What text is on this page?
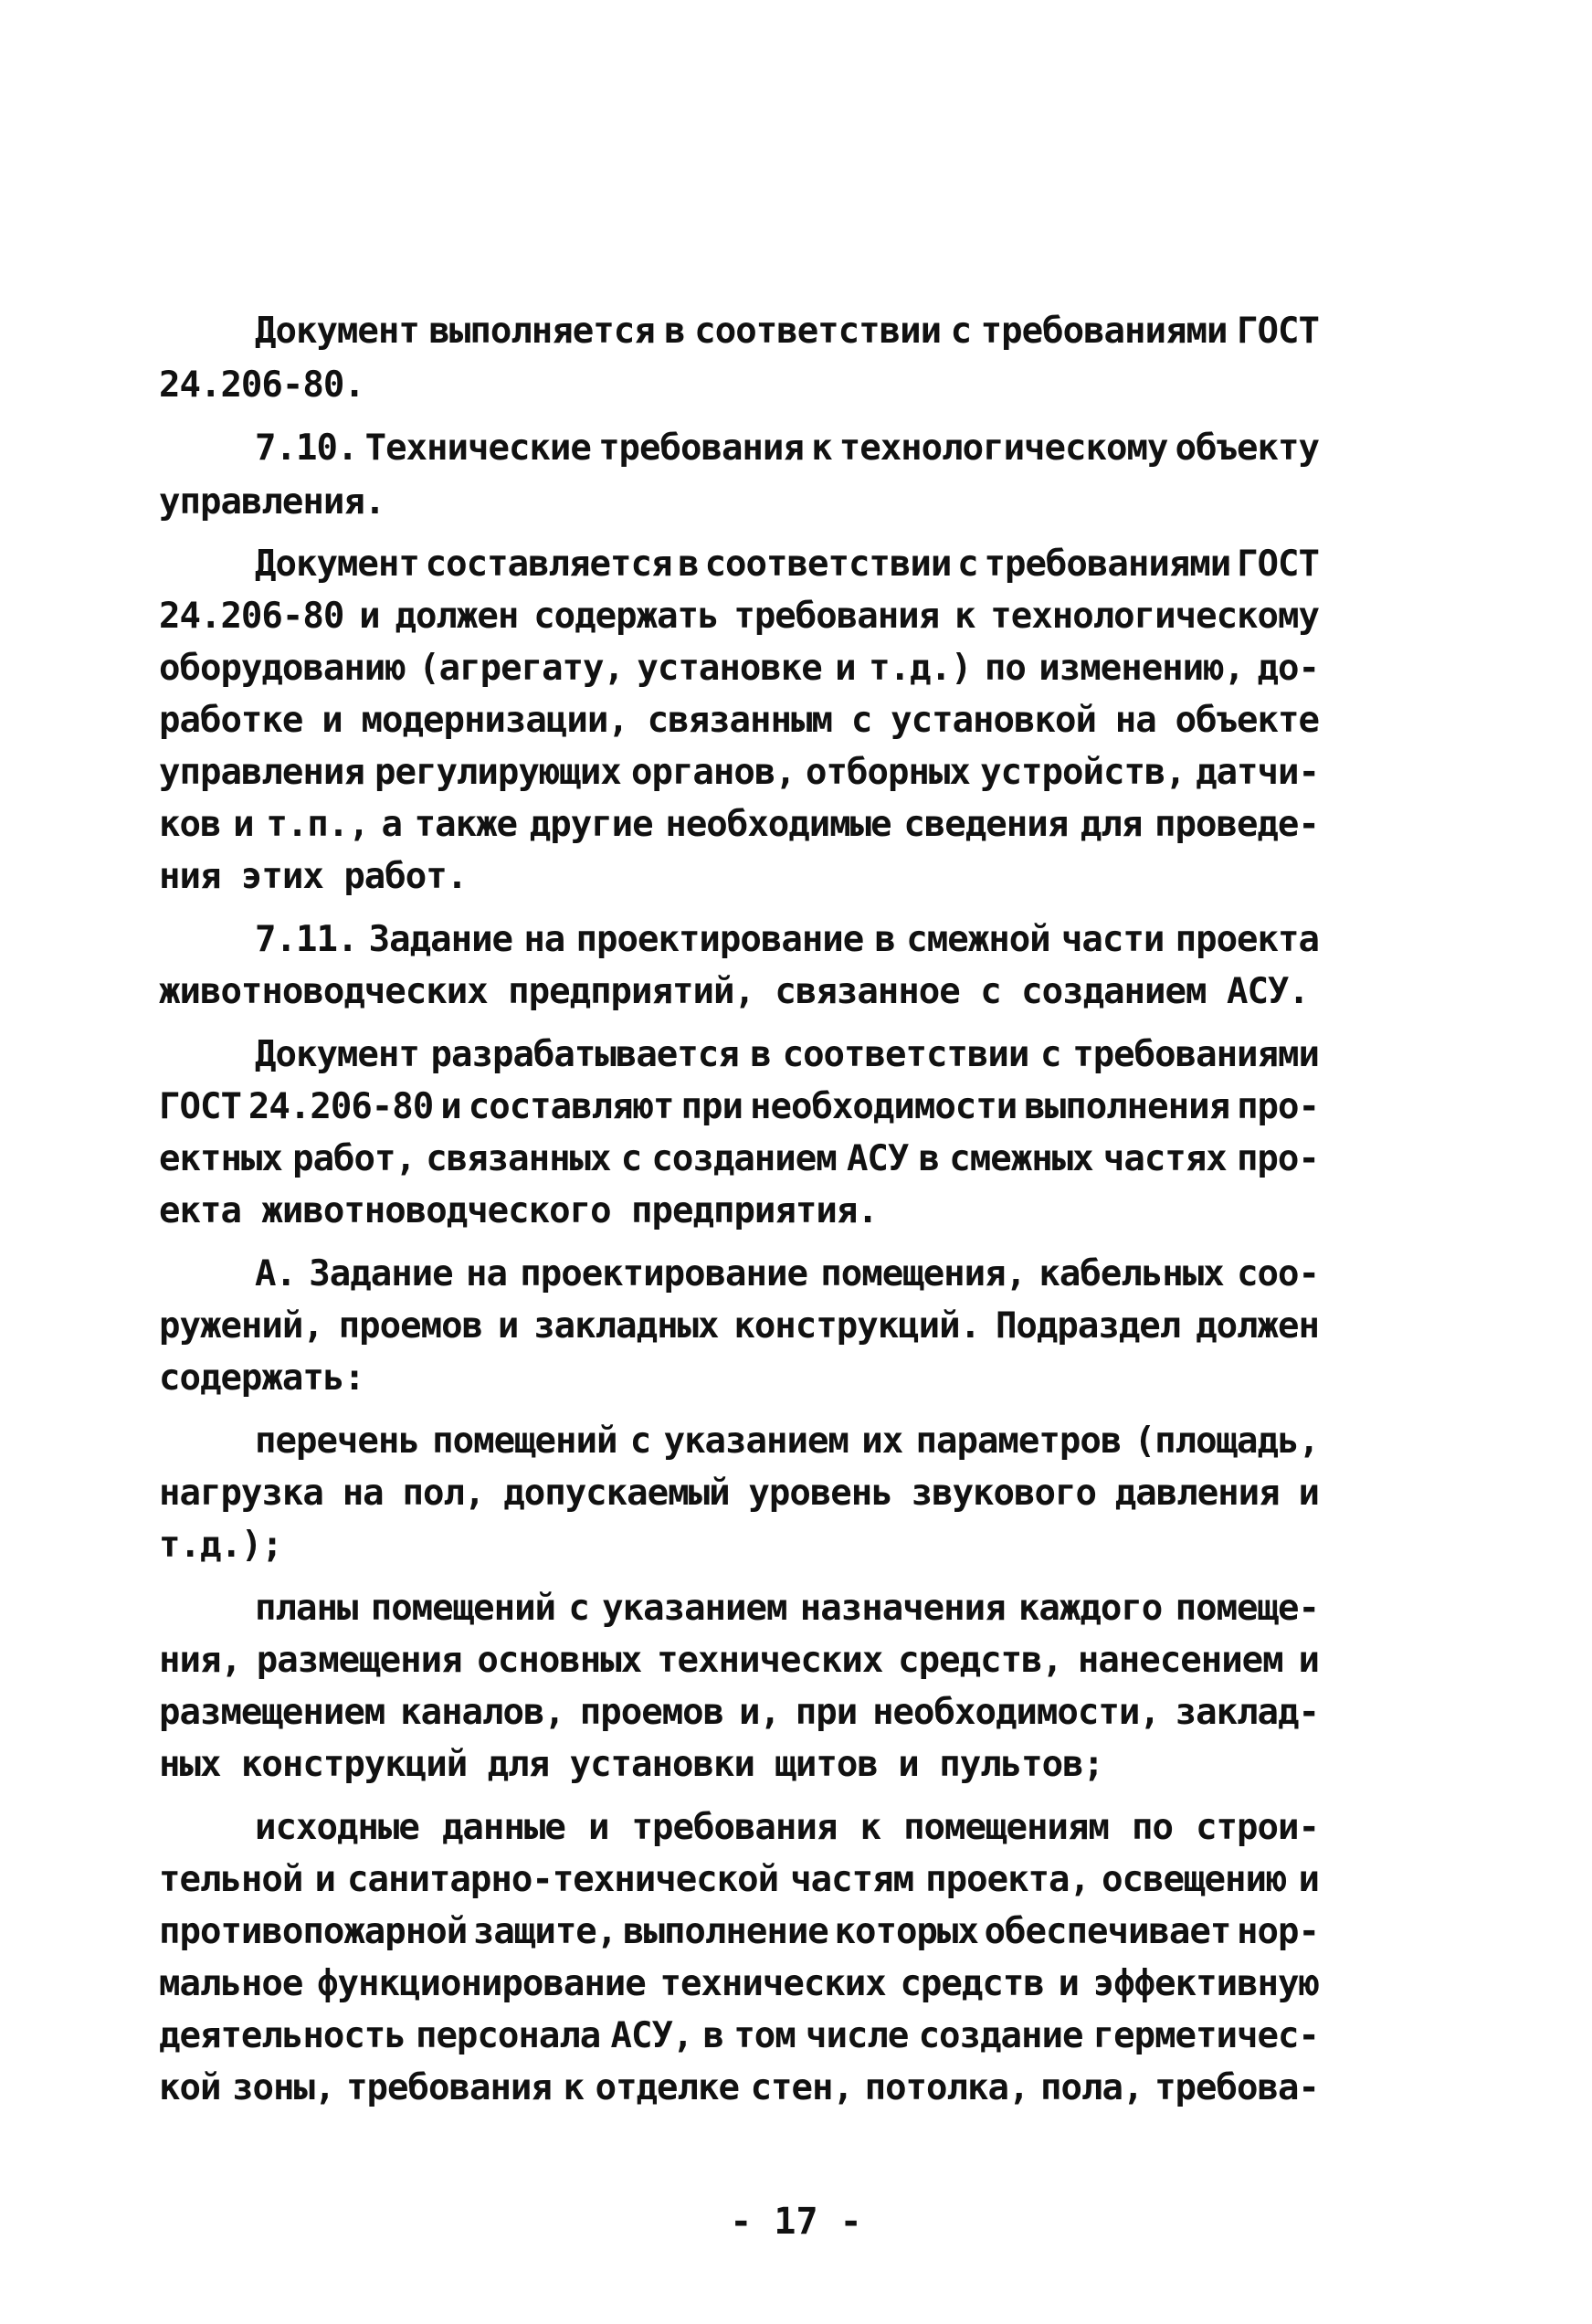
Документ выполняется в соответствии с требованиями ГОСТ
24.206-80.
7.10. Технические требования к технологическому объекту
управления.
Документ составляется в соответствии с требованиями ГОСТ
24.206-80 и должен содержать требования к технологическому
оборудованию (агрегату, установке и т.д.) по изменению, до-
работке и модернизации, связанным с установкой на объекте
управления регулирующих органов, отборных устройств, датчи-
ков и т.п., а также другие необходимые сведения для проведе-
ния этих работ.
7.11. Задание на проектирование в смежной части проекта
животноводческих предприятий, связанное с созданием АСУ.
Документ разрабатывается в соответствии с требованиями
ГОСТ 24.206-80 и составляют при необходимости выполнения про-
ектных работ, связанных с созданием АСУ в смежных частях про-
екта животноводческого предприятия.
А. Задание на проектирование помещения, кабельных соо-
ружений, проемов и закладных конструкций. Подраздел должен
содержать:
перечень помещений с указанием их параметров (площадь,
нагрузка на пол, допускаемый уровень звукового давления и
т.д.);
планы помещений с указанием назначения каждого помеще-
ния, размещения основных технических средств, нанесением и
размещением каналов, проемов и, при необходимости, заклад-
ных конструкций для установки щитов и пультов;
исходные данные и требования к помещениям по строи-
тельной и санитарно-технической частям проекта, освещению и
противопожарной защите, выполнение которых обеспечивает нор-
мальное функционирование технических средств и эффективную
деятельность персонала АСУ, в том числе создание герметичес-
кой зоны, требования к отделке стен, потолка, пола, требова-
- 17 -
